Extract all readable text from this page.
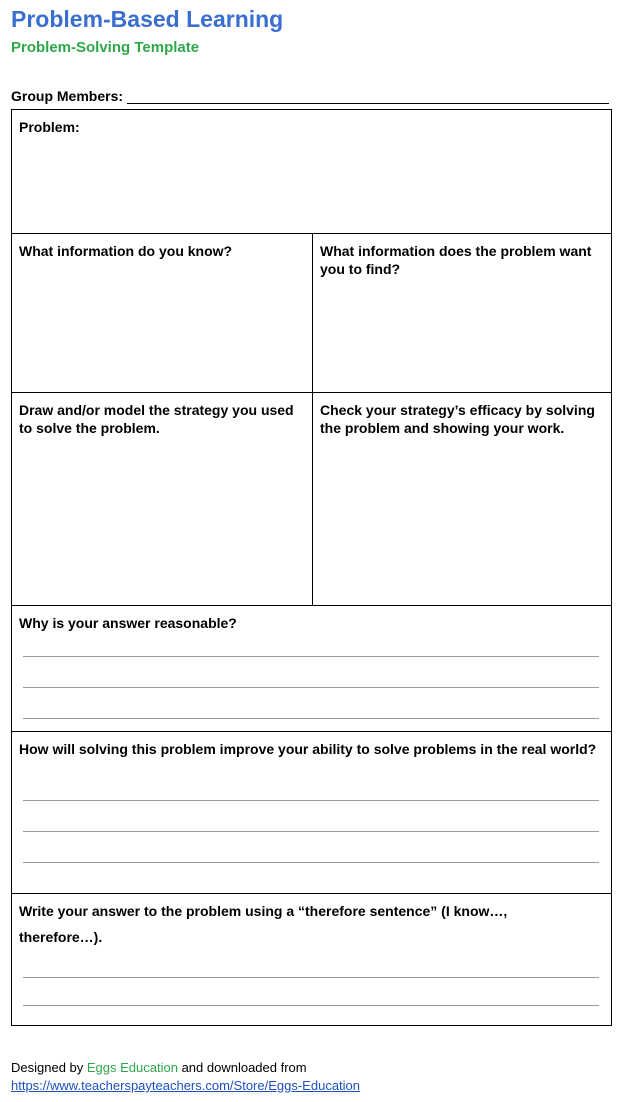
Problem-Based Learning
Problem-Solving Template
Group Members:
Problem:
What information do you know?	What information does the problem want you to find?
Draw and/or model the strategy you used to solve the problem.
Check your strategy’s efficacy by solving the problem and showing your work.
Why is your answer reasonable?
How will solving this problem improve your ability to solve problems in the real world?
Write your answer to the problem using a “therefore sentence” (I know…,
therefore…).
Designed by Eggs Education and downloaded from
https://www.teacherspayteachers.com/Store/Eggs-Education
